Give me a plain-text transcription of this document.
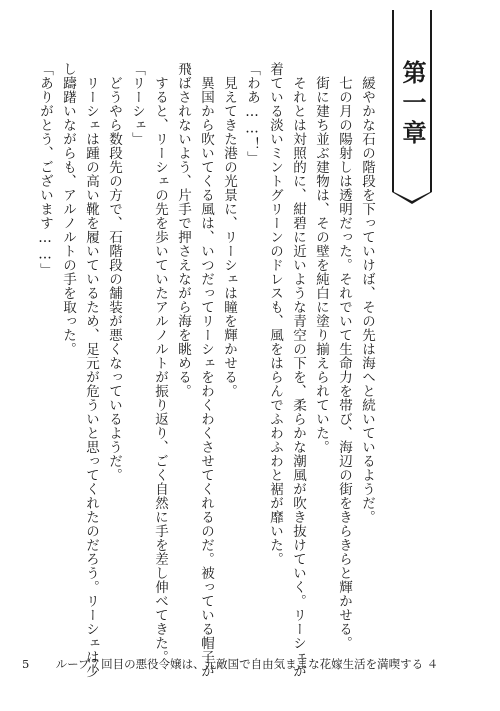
第一章
　緩やかな石の階段を下っていけば、その先は海へと続いているようだ。
　七の月の陽射しは透明だった。それでいて生命力を帯び、海辺の街をきらきらと輝かせる。
　街に建ち並ぶ建物は、その壁を純白に塗り揃えられていた。
　それとは対照的に、紺碧に近いような青空の下を、柔らかな潮風が吹き抜けていく。リーシェが
着ている淡いミントグリーンのドレスも、風をはらんでふわふわと裾が靡いた。
「わあ……！」
　見えてきた港の光景に、リーシェは瞳を輝かせる。
　異国から吹いてくる風は、いつだってリーシェをわくわくさせてくれるのだ。被っている帽子が
飛ばされないよう、片手で押さえながら海を眺める。
　すると、リーシェの先を歩いていたアルノルトが振り返り、ごく自然に手を差し伸べてきた。
「リーシェ」
　どうやら数段先の方で、石階段の舗装が悪くなっているようだ。
　リーシェは踵の高い靴を履いているため、足元が危ういと思ってくれたのだろう。リーシェは少
し躊躇いながらも、アルノルトの手を取った。
「ありがとう、ございます……」
5 ループ７回目の悪役令嬢は、元敵国で自由気ままな花嫁生活を満喫する ４
